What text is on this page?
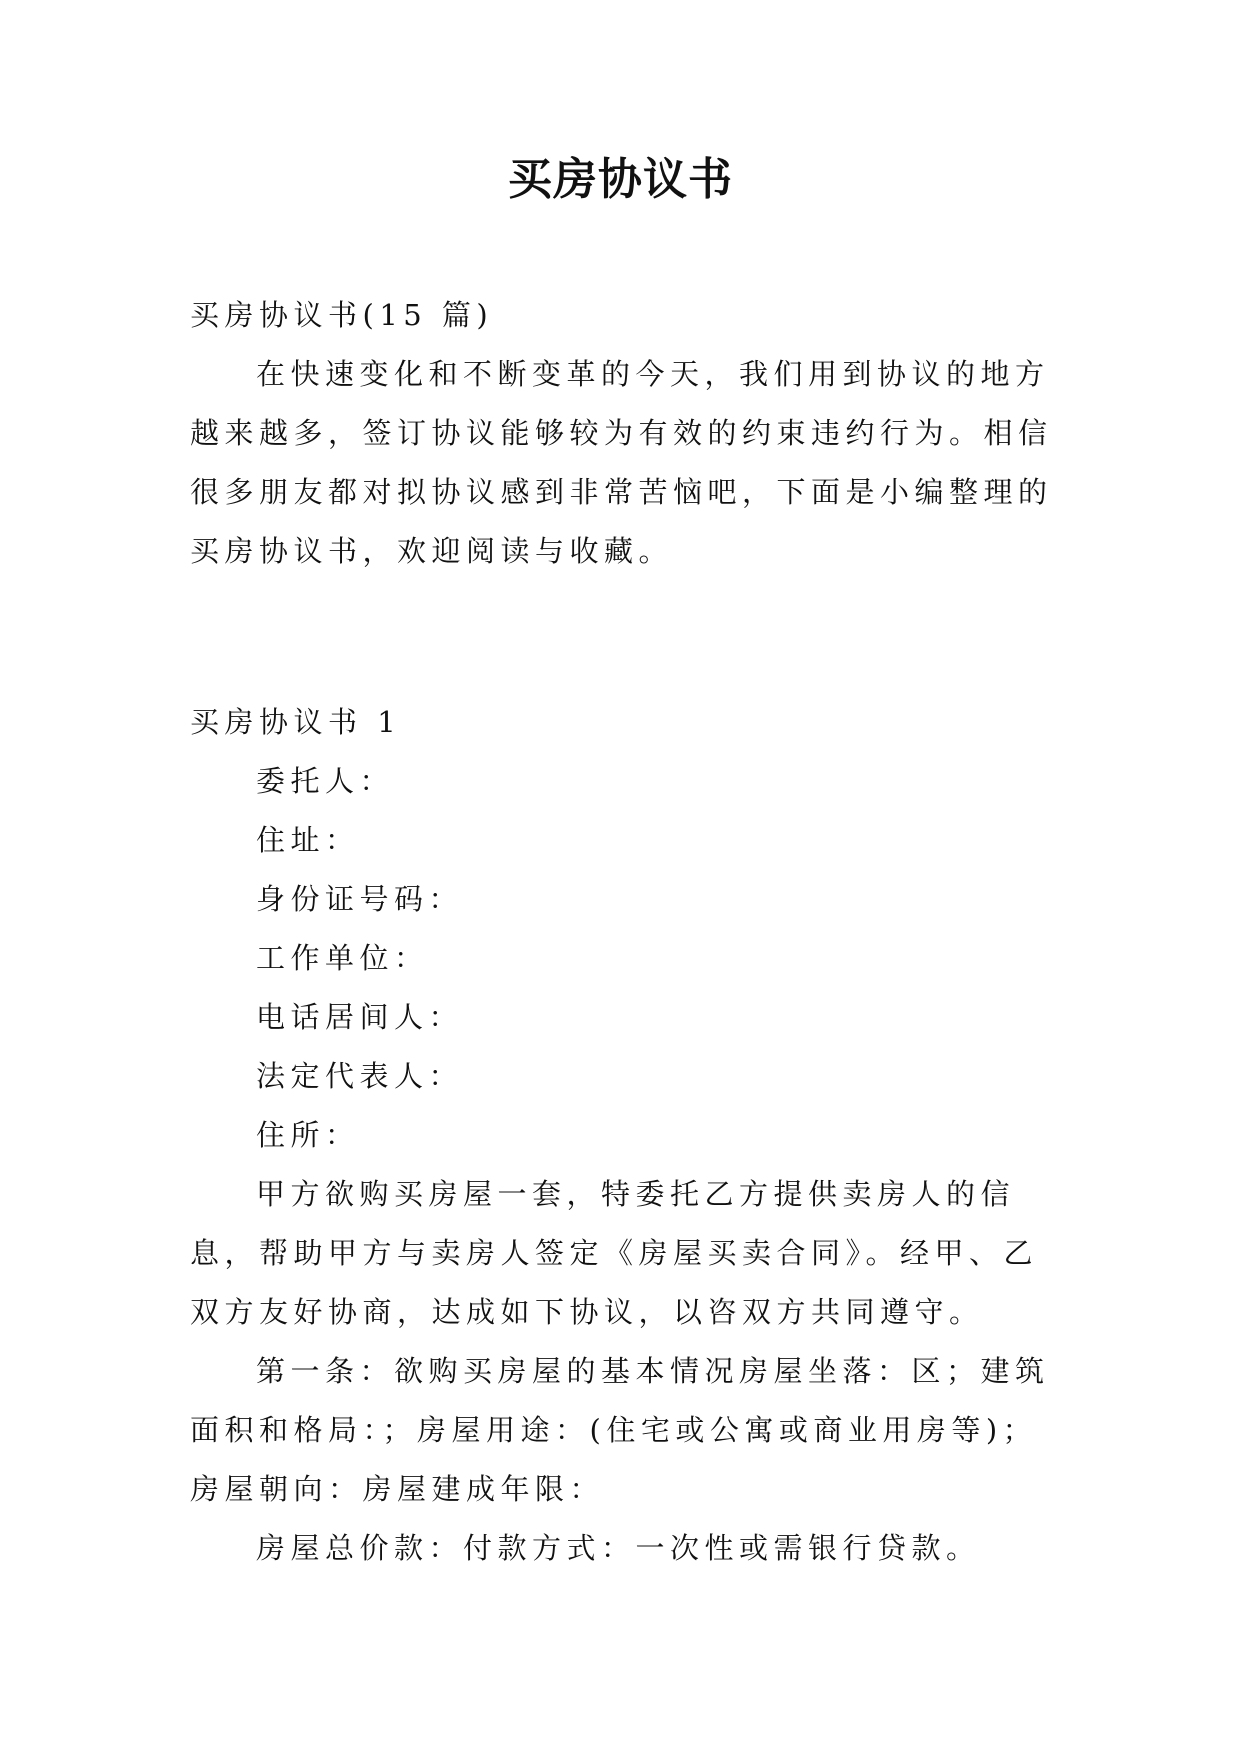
买房协议书

买房协议书(15 篇)

在快速变化和不断变革的今天，我们用到协议的地方越来越多，签订协议能够较为有效的约束违约行为。相信很多朋友都对拟协议感到非常苦恼吧，下面是小编整理的买房协议书，欢迎阅读与收藏。

买房协议书 1

委托人：

住址：

身份证号码：

工作单位：

电话居间人：

法定代表人：

住所：

甲方欲购买房屋一套，特委托乙方提供卖房人的信息，帮助甲方与卖房人签定《房屋买卖合同》。经甲、乙双方友好协商，达成如下协议，以咨双方共同遵守。

第一条：欲购买房屋的基本情况房屋坐落：区；建筑面积和格局：；房屋用途：(住宅或公寓或商业用房等)；房屋朝向：房屋建成年限：

房屋总价款：付款方式：一次性或需银行贷款。
